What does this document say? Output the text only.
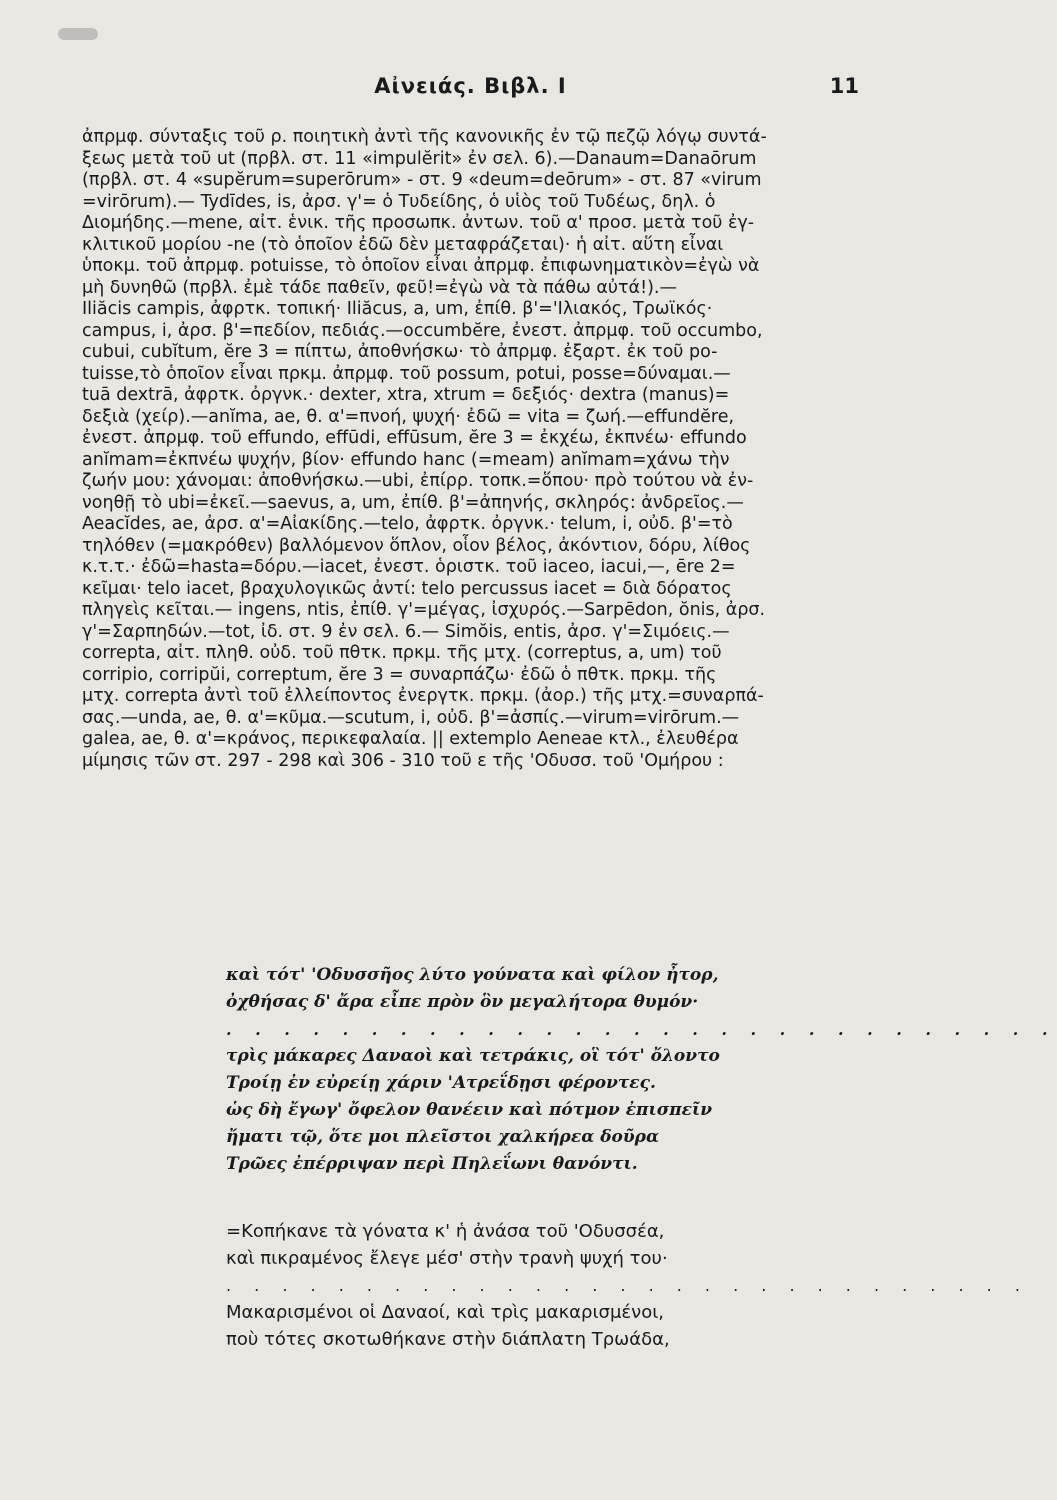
Αἰνειάς. Βιβλ. Ι	11
ἀπρμφ. σύνταξις τοῦ ρ. ποιητικὴ ἀντὶ τῆς κανονικῆς ἐν τῷ πεζῷ λόγῳ συντά-
ξεως μετὰ τοῦ ut (πρβλ. στ. 11 «impulĕrit» ἐν σελ. 6).—Danaum=Danaōrum
(πρβλ. στ. 4 «supĕrum=superōrum» - στ. 9 «deum=deōrum» - στ. 87 «virum
=virōrum).— Tydīdes, is, ἀρσ. γ'= ὁ Τυδείδης, ὁ υἱὸς τοῦ Τυδέως, δηλ. ὁ
Διομήδης.—mene, αἰτ. ἑνικ. τῆς προσωπκ. ἀντων. τοῦ α' προσ. μετὰ τοῦ ἐγ-
κλιτικοῦ μορίου -ne (τὸ ὁποῖον ἐδῶ δὲν μεταφράζεται)· ἡ αἰτ. αὕτη εἶναι
ὑποκμ. τοῦ ἀπρμφ. potuisse, τὸ ὁποῖον εἶναι ἀπρμφ. ἐπιφωνηματικὸν=ἐγὼ νὰ
μὴ δυνηθῶ (πρβλ. ἐμὲ τάδε παθεῖν, φεῦ!=ἐγὼ νὰ τὰ πάθω αὐτά!).—
Iliăcis campis, ἀφρτκ. τοπική· Iliăcus, a, um, ἐπίθ. β'='Ιλιακός, Τρωϊκός·
campus, i, ἀρσ. β'=πεδίον, πεδιάς.—occumbĕre, ἐνεστ. ἀπρμφ. τοῦ occumbo,
cubui, cubĭtum, ĕre 3 = πίπτω, ἀποθνήσκω· τὸ ἀπρμφ. ἐξαρτ. ἐκ τοῦ po-
tuisse,τὸ ὁποῖον εἶναι πρκμ. ἀπρμφ. τοῦ possum, potui, posse=δύναμαι.—
tuā dextrā, ἀφρτκ. ὀργνκ.· dexter, xtra, xtrum = δεξιός· dextra (manus)=
δεξιὰ (χείρ).—anĭma, ae, θ. α'=πνοή, ψυχή· ἐδῶ = vita = ζωή.—effundĕre,
ἐνεστ. ἀπρμφ. τοῦ effundo, effūdi, effūsum, ĕre 3 = ἐκχέω, ἐκπνέω· effundo
anĭmam=ἐκπνέω ψυχήν, βίον· effundo hanc (=meam) anĭmam=χάνω τὴν
ζωήν μου: χάνομαι: ἀποθνήσκω.—ubi, ἐπίρρ. τοπκ.=ὅπου· πρὸ τούτου νὰ ἐν-
νοηθῇ τὸ ubi=ἐκεῖ.—saevus, a, um, ἐπίθ. β'=ἀπηνής, σκληρός: ἀνδρεῖος.—
Aeacĭdes, ae, ἀρσ. α'=Αἰακίδης.—telo, ἀφρτκ. ὀργνκ.· telum, i, οὐδ. β'=τὸ
τηλόθεν (=μακρόθεν) βαλλόμενον ὅπλον, οἷον βέλος, ἀκόντιον, δόρυ, λίθος
κ.τ.τ.· ἐδῶ=hasta=δόρυ.—iacet, ἐνεστ. ὁριστκ. τοῦ iaceo, iacui,—, ēre 2=
κεῖμαι· telo iacet, βραχυλογικῶς ἀντί: telo percussus iacet = διὰ δόρατος
πληγεὶς κεῖται.— ingens, ntis, ἐπίθ. γ'=μέγας, ἰσχυρός.—Sarpēdon, ŏnis, ἀρσ.
γ'=Σαρπηδών.—tot, ἰδ. στ. 9 ἐν σελ. 6.— Simŏis, entis, ἀρσ. γ'=Σιμόεις.—
correpta, αἰτ. πληθ. οὐδ. τοῦ πθτκ. πρκμ. τῆς μτχ. (correptus, a, um) τοῦ
corripio, corripŭi, correptum, ĕre 3 = συναρπάζω· ἐδῶ ὁ πθτκ. πρκμ. τῆς
μτχ. correpta ἀντὶ τοῦ ἐλλείποντος ἐνεργτκ. πρκμ. (ἀορ.) τῆς μτχ.=συναρπά-
σας.—unda, ae, θ. α'=κῦμα.—scutum, i, οὐδ. β'=ἀσπίς.—virum=virōrum.—
galea, ae, θ. α'=κράνος, περικεφαλαία. || extemplo Aeneae κτλ., ἐλευθέρα
μίμησις τῶν στ. 297 - 298 καὶ 306 - 310 τοῦ ε τῆς 'Οδυσσ. τοῦ 'Ομήρου :
καὶ τότ' 'Οδυσσῆος λύτο γούνατα καὶ φίλον ἦτορ,
ὀχθήσας δ' ἄρα εἶπε πρὸν ὃν μεγαλήτορα θυμόν·
. . . . . . . . . . . . . . . . . . . . . . . . . . . . .
τρὶς μάκαρες Δαναοὶ καὶ τετράκις, οἳ τότ' ὄλοντο
Τροίῃ ἐν εὐρείῃ χάριν 'Ατρεΐδῃσι φέροντες.
ὡς δὴ ἔγωγ' ὄφελον θανέειν καὶ πότμον ἐπισπεῖν
ἤματι τῷ, ὅτε μοι πλεῖστοι χαλκήρεα δοῦρα
Τρῶες ἐπέρριψαν περὶ Πηλεΐωνι θανόντι.
=Κοπήκανε τὰ γόνατα κ' ἡ ἀνάσα τοῦ 'Οδυσσέα,
καὶ πικραμένος ἔλεγε μέσ' στὴν τρανὴ ψυχή του·
. . . . . . . . . . . . . . . . . . . . . . . . . . . . .
Μακαρισμένοι οἱ Δαναοί, καὶ τρὶς μακαρισμένοι,
ποὺ τότες σκοτωθήκανε στὴν διάπλατη Τρωάδα,
